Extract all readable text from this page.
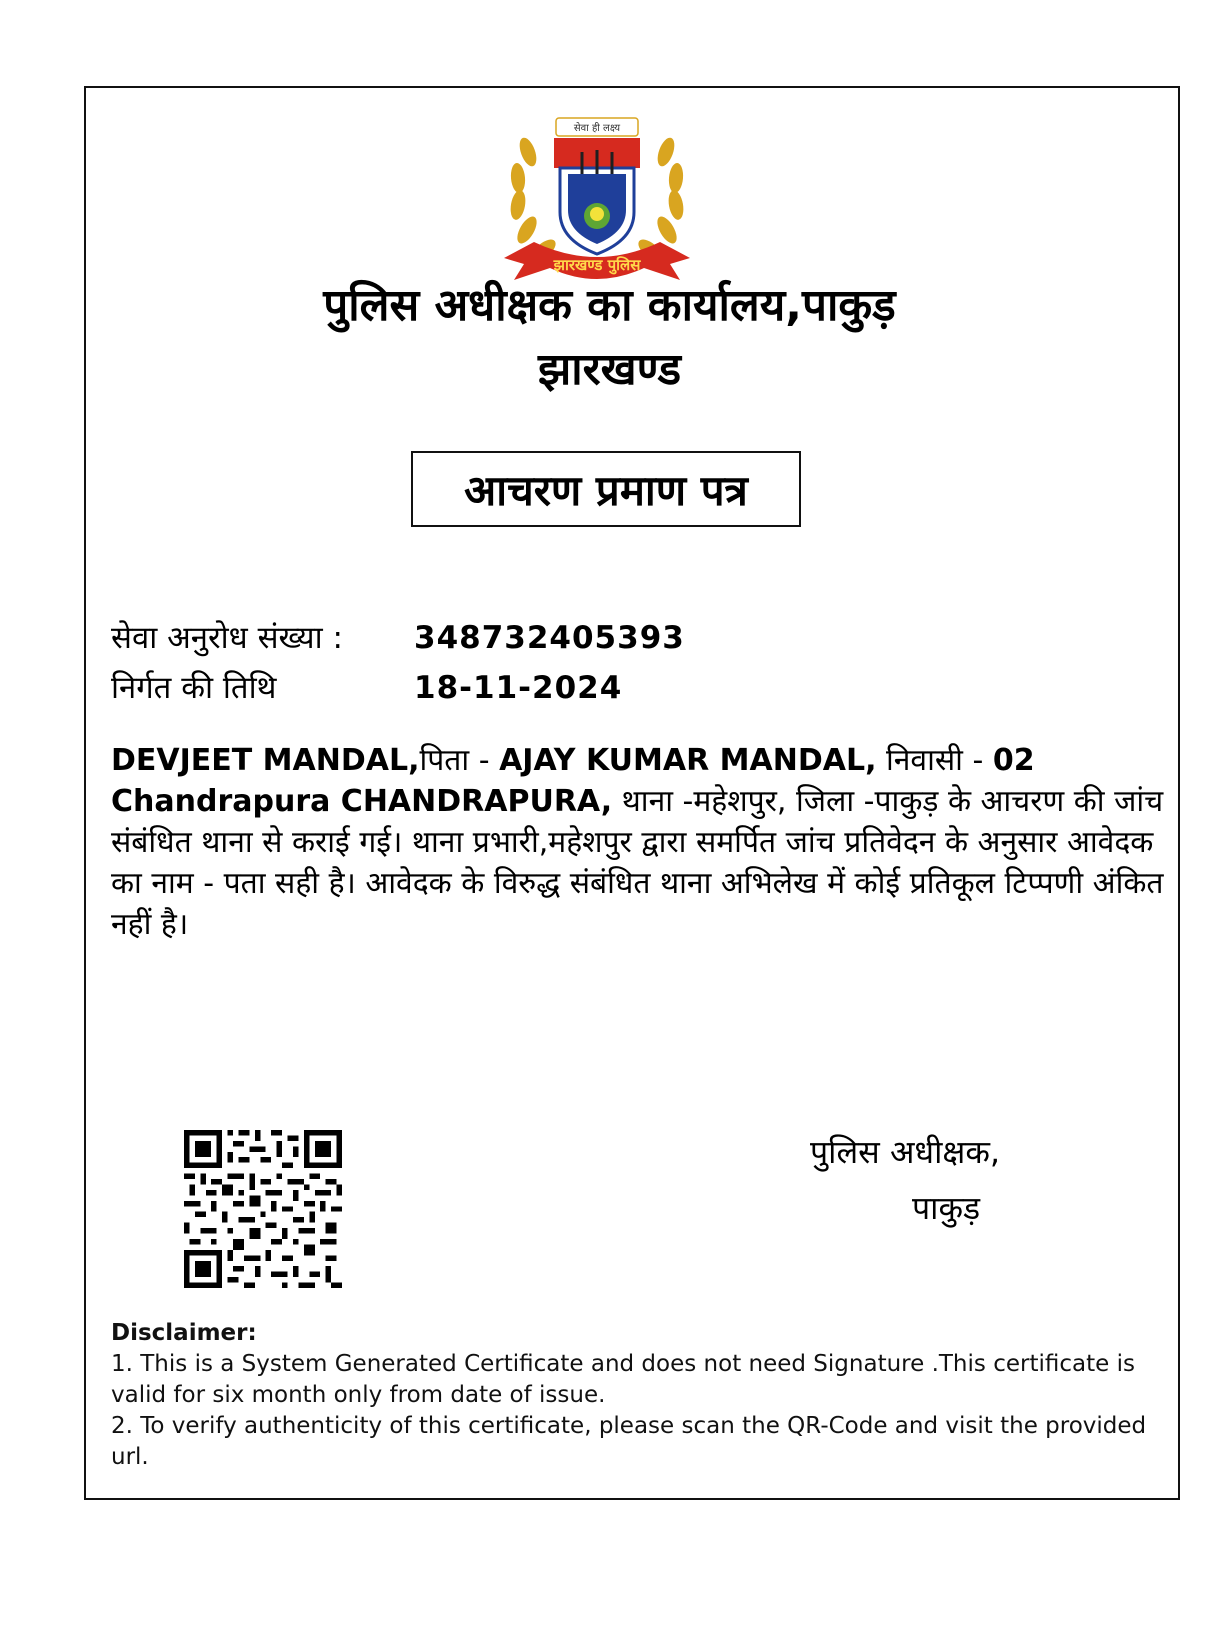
सेवा ही लक्ष्य
झारखण्ड पुलिस
पुलिस अधीक्षक का कार्यालय,पाकुड़
झारखण्ड
आचरण प्रमाण पत्र
सेवा अनुरोध संख्या : 348732405393
निर्गत की तिथि	18-11-2024
DEVJEET MANDAL,पिता - AJAY KUMAR MANDAL, निवासी - 02 Chandrapura CHANDRAPURA, थाना -महेशपुर, जिला -पाकुड़ के आचरण की जांच संबंधित थाना से कराई गई। थाना प्रभारी,महेशपुर द्वारा समर्पित जांच प्रतिवेदन के अनुसार आवेदक का नाम - पता सही है। आवेदक के विरुद्ध संबंधित थाना अभिलेख में कोई प्रतिकूल टिप्पणी अंकित नहीं है।
पुलिस अधीक्षक,
पाकुड़
Disclaimer:
1. This is a System Generated Certificate and does not need Signature .This certificate is valid for six month only from date of issue.
2. To verify authenticity of this certificate, please scan the QR-Code and visit the provided url.
